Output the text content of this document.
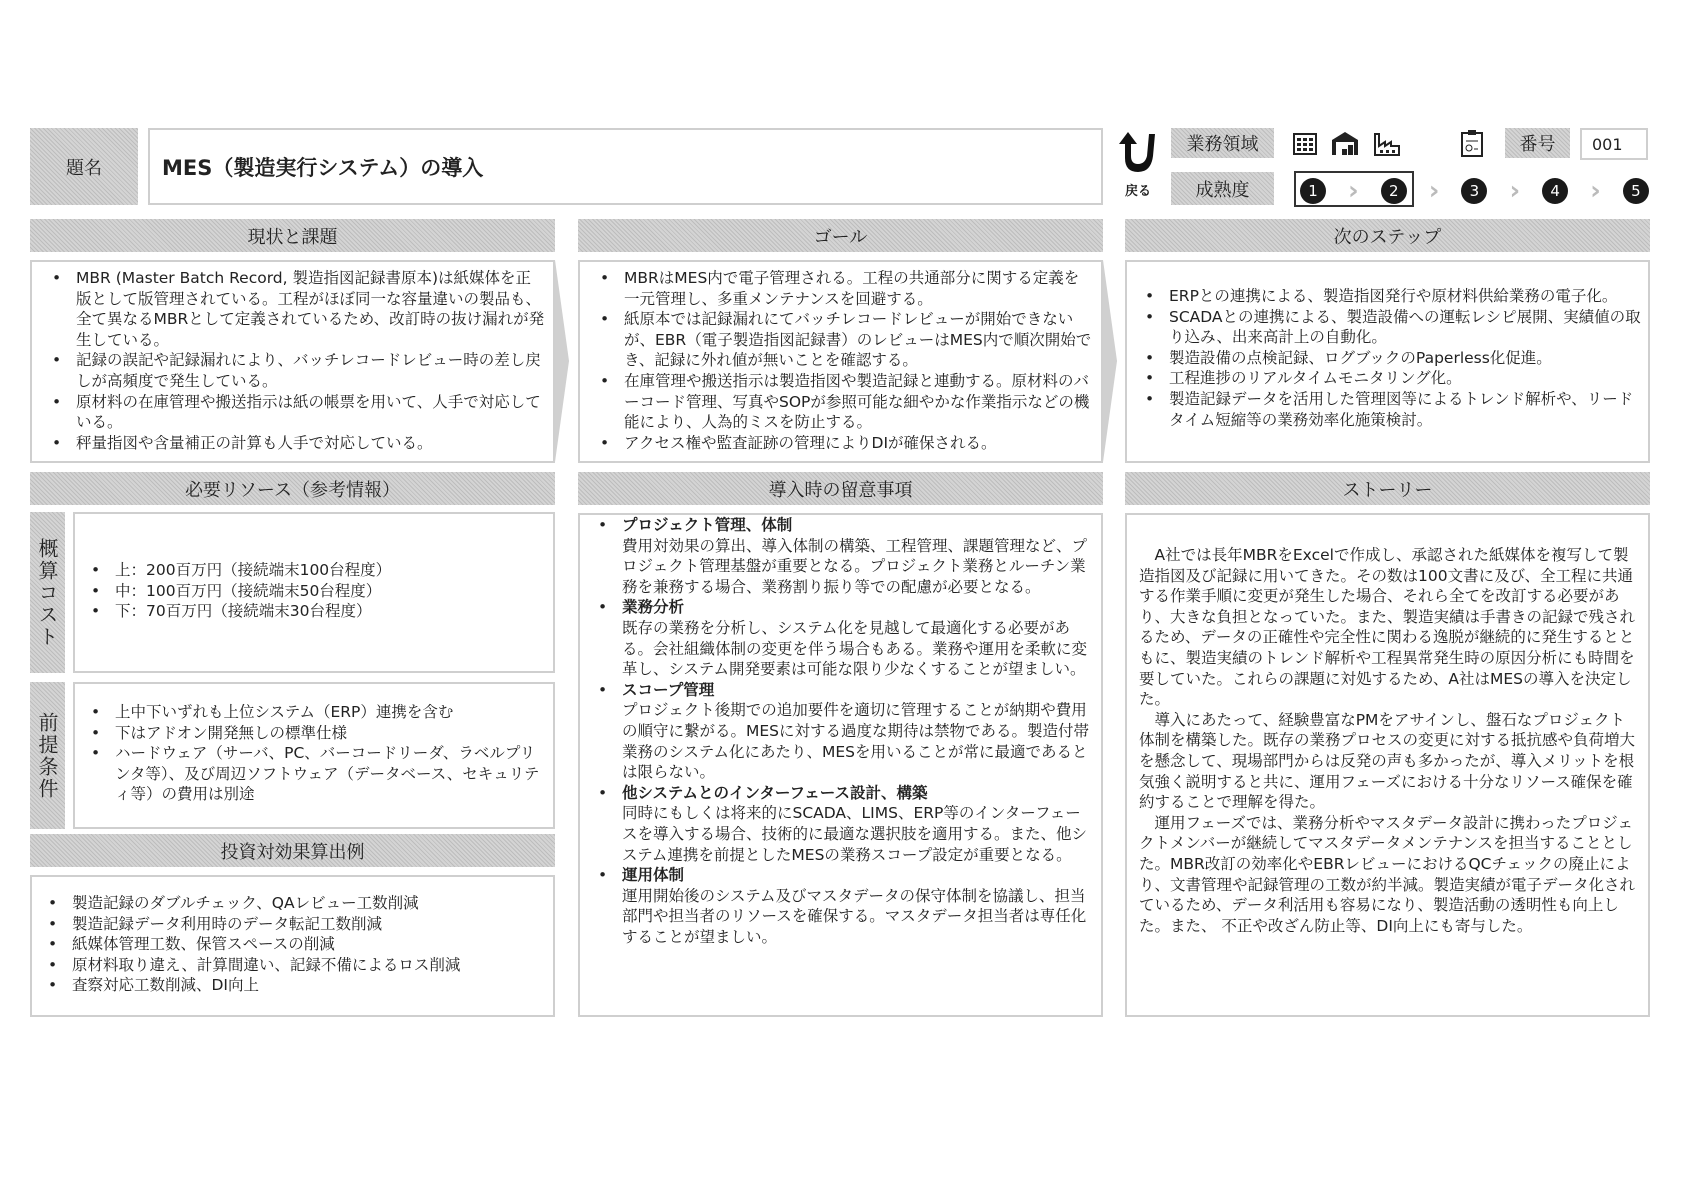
題名	MES（製造実行システム）の導入
戻る
業務領域	番号	001
成熟度	1	›	2	›	3	›	4	›	5
現状と課題
• MBR (Master Batch Record, 製造指図記録書原本)は紙媒体を正版として版管理されている。工程がほぼ同一な容量違いの製品も、全て異なるMBRとして定義されているため、改訂時の抜け漏れが発生している。
• 記録の誤記や記録漏れにより、バッチレコードレビュー時の差し戻しが高頻度で発生している。
• 原材料の在庫管理や搬送指示は紙の帳票を用いて、人手で対応している。
• 秤量指図や含量補正の計算も人手で対応している。
ゴール
• MBRはMES内で電子管理される。工程の共通部分に関する定義を一元管理し、多重メンテナンスを回避する。
• 紙原本では記録漏れにてバッチレコードレビューが開始できないが、EBR（電子製造指図記録書）のレビューはMES内で順次開始でき、記録に外れ値が無いことを確認する。
• 在庫管理や搬送指示は製造指図や製造記録と連動する。原材料のバーコード管理、写真やSOPが参照可能な細やかな作業指示などの機能により、人為的ミスを防止する。
• アクセス権や監査証跡の管理によりDIが確保される。
次のステップ
• ERPとの連携による、製造指図発行や原材料供給業務の電子化。
• SCADAとの連携による、製造設備への運転レシピ展開、実績値の取り込み、出来高計上の自動化。
• 製造設備の点検記録、ログブックのPaperless化促進。
• 工程進捗のリアルタイムモニタリング化。
• 製造記録データを活用した管理図等によるトレンド解析や、リードタイム短縮等の業務効率化施策検討。
必要リソース（参考情報）
概算コスト	• 上：200百万円（接続端末100台程度）
• 中：100百万円（接続端末50台程度）
• 下：70百万円（接続端末30台程度）
前提条件	• 上中下いずれも上位システム（ERP）連携を含む
• 下はアドオン開発無しの標準仕様
• ハードウェア（サーバ、PC、バーコードリーダ、ラベルプリンタ等）、及び周辺ソフトウェア（データベース、セキュリティ等）の費用は別途
投資対効果算出例
• 製造記録のダブルチェック、QAレビュー工数削減
• 製造記録データ利用時のデータ転記工数削減
• 紙媒体管理工数、保管スペースの削減
• 原材料取り違え、計算間違い、記録不備によるロス削減
• 査察対応工数削減、DI向上
導入時の留意事項
• プロジェクト管理、体制
費用対効果の算出、導入体制の構築、工程管理、課題管理など、プロジェクト管理基盤が重要となる。プロジェクト業務とルーチン業務を兼務する場合、業務割り振り等での配慮が必要となる。
• 業務分析
既存の業務を分析し、システム化を見越して最適化する必要がある。会社組織体制の変更を伴う場合もある。業務や運用を柔軟に変革し、システム開発要素は可能な限り少なくすることが望ましい。
• スコープ管理
プロジェクト後期での追加要件を適切に管理することが納期や費用の順守に繋がる。MESに対する過度な期待は禁物である。製造付帯業務のシステム化にあたり、MESを用いることが常に最適であるとは限らない。
• 他システムとのインターフェース設計、構築
同時にもしくは将来的にSCADA、LIMS、ERP等のインターフェースを導入する場合、技術的に最適な選択肢を適用する。また、他システム連携を前提としたMESの業務スコープ設定が重要となる。
• 運用体制
運用開始後のシステム及びマスタデータの保守体制を協議し、担当部門や担当者のリソースを確保する。マスタデータ担当者は専任化することが望ましい。
ストーリー

A社では長年MBRをExcelで作成し、承認された紙媒体を複写して製造指図及び記録に用いてきた。その数は100文書に及び、全工程に共通する作業手順に変更が発生した場合、それら全てを改訂する必要があり、大きな負担となっていた。また、製造実績は手書きの記録で残されるため、データの正確性や完全性に関わる逸脱が継続的に発生するとともに、製造実績のトレンド解析や工程異常発生時の原因分析にも時間を要していた。これらの課題に対処するため、A社はMESの導入を決定した。

導入にあたって、経験豊富なPMをアサインし、盤石なプロジェクト体制を構築した。既存の業務プロセスの変更に対する抵抗感や負荷増大を懸念して、現場部門からは反発の声も多かったが、導入メリットを根気強く説明すると共に、運用フェーズにおける十分なリソース確保を確約することで理解を得た。

運用フェーズでは、業務分析やマスタデータ設計に携わったプロジェクトメンバーが継続してマスタデータメンテナンスを担当することとした。MBR改訂の効率化やEBRレビューにおけるQCチェックの廃止により、文書管理や記録管理の工数が約半減。製造実績が電子データ化されているため、データ利活用も容易になり、製造活動の透明性も向上した。また、 不正や改ざん防止等、DI向上にも寄与した。
